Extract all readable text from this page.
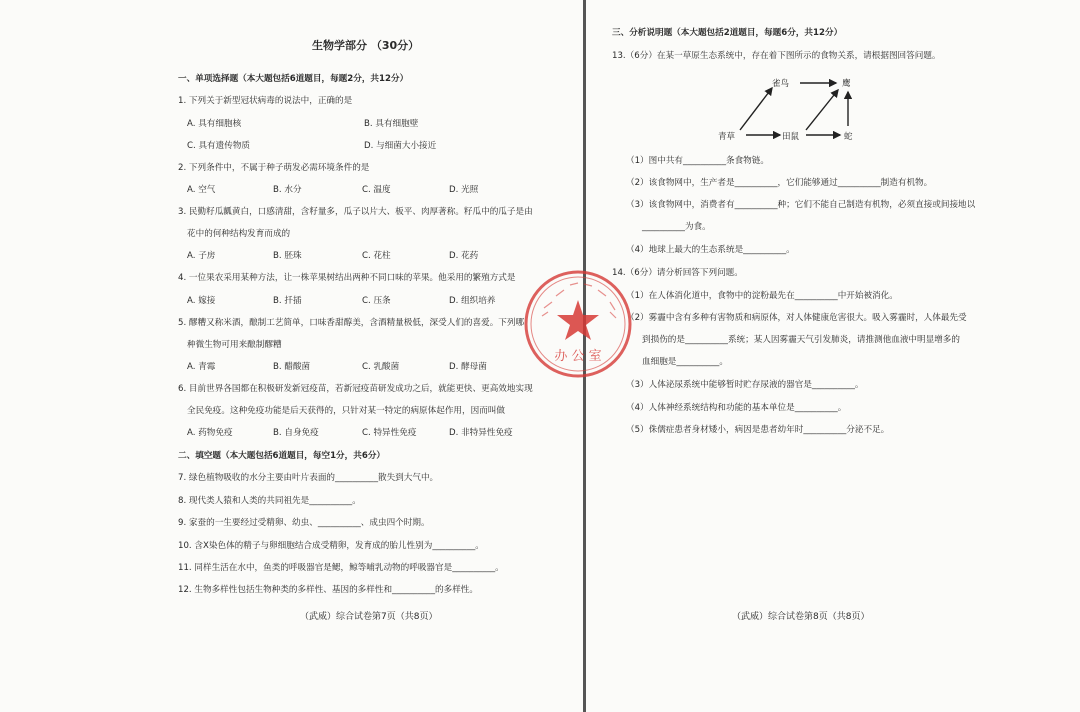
生物学部分 （30分）
一、单项选择题（本大题包括6道题目，每题2分，共12分）
1. 下列关于新型冠状病毒的说法中，正确的是
A. 具有细胞核	B. 具有细胞壁
C. 具有遗传物质	D. 与细菌大小接近
2. 下列条件中，不属于种子萌发必需环境条件的是
A. 空气	B. 水分	C. 温度	D. 光照
3. 民勤籽瓜瓤黄白，口感清甜，含籽量多，瓜子以片大、板平、肉厚著称。籽瓜中的瓜子是由
花中的何种结构发育而成的
A. 子房	B. 胚珠	C. 花柱	D. 花药
4. 一位果农采用某种方法，让一株苹果树结出两种不同口味的苹果。他采用的繁殖方式是
A. 嫁接	B. 扦插	C. 压条	D. 组织培养
5. 醪糟又称米酒，酿制工艺简单，口味香甜醇美，含酒精量极低，深受人们的喜爱。下列哪
种微生物可用来酿制醪糟
A. 青霉	B. 醋酸菌	C. 乳酸菌	D. 酵母菌
6. 目前世界各国都在积极研发新冠疫苗，若新冠疫苗研发成功之后，就能更快、更高效地实现
全民免疫。这种免疫功能是后天获得的，只针对某一特定的病原体起作用，因而叫做
A. 药物免疫	B. 自身免疫	C. 特异性免疫	D. 非特异性免疫
二、填空题（本大题包括6道题目，每空1分，共6分）
7. 绿色植物吸收的水分主要由叶片表面的__________散失到大气中。
8. 现代类人猿和人类的共同祖先是__________。
9. 家蚕的一生要经过受精卵、幼虫、__________、成虫四个时期。
10. 含X染色体的精子与卵细胞结合成受精卵，发育成的胎儿性别为__________。
11. 同样生活在水中，鱼类的呼吸器官是鳃，鲸等哺乳动物的呼吸器官是__________。
12. 生物多样性包括生物种类的多样性、基因的多样性和__________的多样性。
（武威）综合试卷第7页（共8页）
办 公 室
三、分析说明题（本大题包括2道题目，每题6分，共12分）
13.（6分）在某一草原生态系统中，存在着下图所示的食物关系，请根据图回答问题。
雀鸟	鹰
青草	田鼠	蛇
（1）图中共有__________条食物链。
（2）该食物网中，生产者是__________，它们能够通过__________制造有机物。
（3）该食物网中，消费者有__________种；它们不能自己制造有机物，必须直接或间接地以
__________为食。
（4）地球上最大的生态系统是__________。
14.（6分）请分析回答下列问题。
（1）在人体消化道中，食物中的淀粉最先在__________中开始被消化。
（2）雾霾中含有多种有害物质和病原体，对人体健康危害很大。吸入雾霾时，人体最先受
到损伤的是__________系统；某人因雾霾天气引发肺炎，请推测他血液中明显增多的
血细胞是__________。
（3）人体泌尿系统中能够暂时贮存尿液的器官是__________。
（4）人体神经系统结构和功能的基本单位是__________。
（5）侏儒症患者身材矮小，病因是患者幼年时__________分泌不足。
（武威）综合试卷第8页（共8页）
